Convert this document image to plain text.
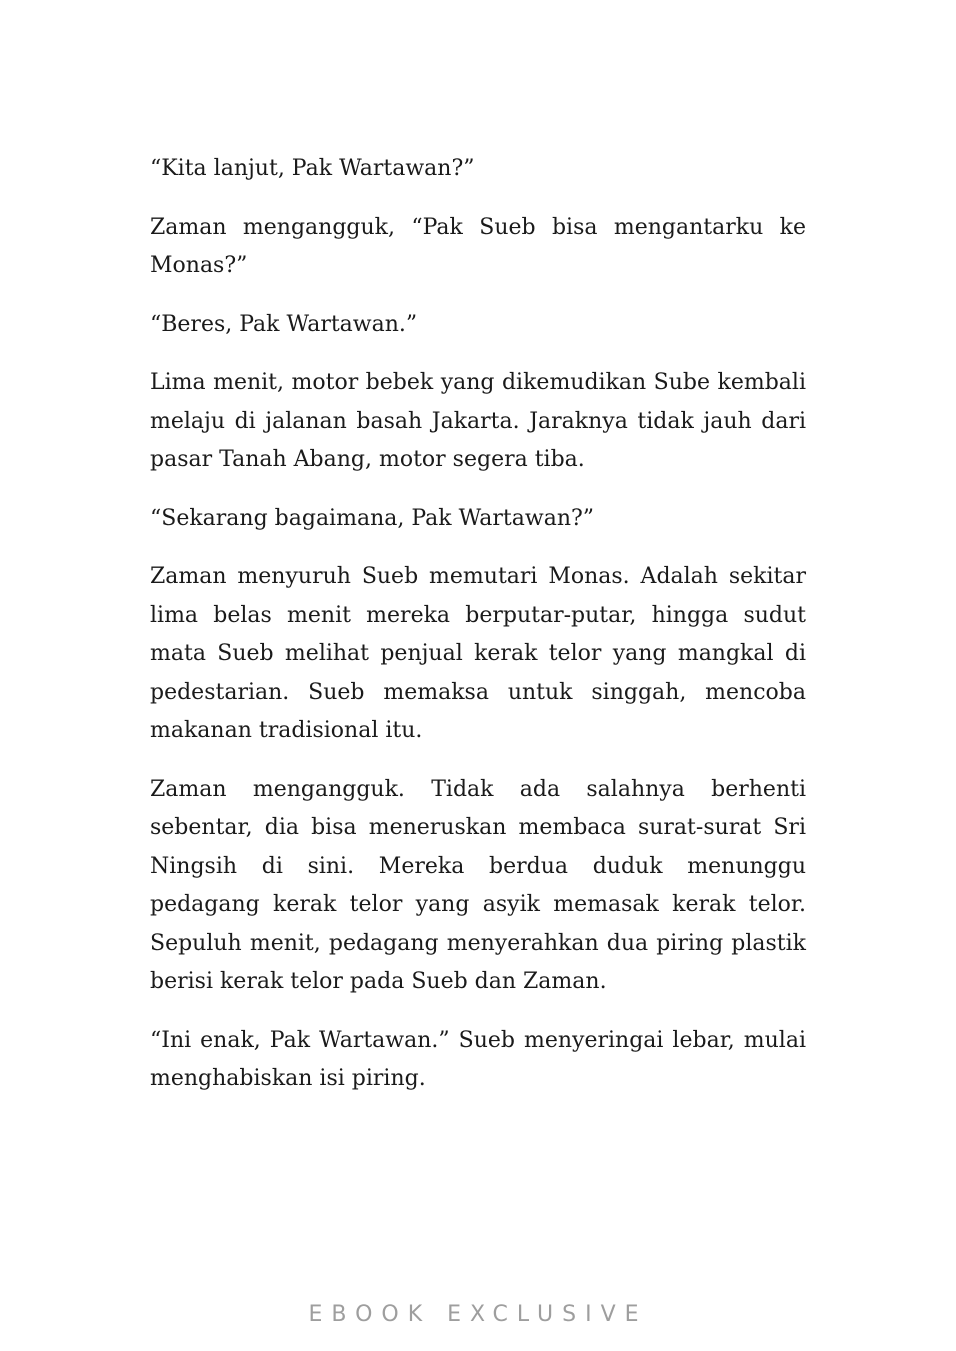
“Kita lanjut, Pak Wartawan?”

Zaman mengangguk, “Pak Sueb bisa mengantarku ke Monas?”

“Beres, Pak Wartawan.”

Lima menit, motor bebek yang dikemudikan Sube kembali melaju di jalanan basah Jakarta. Jaraknya tidak jauh dari pasar Tanah Abang, motor segera tiba.

“Sekarang bagaimana, Pak Wartawan?”

Zaman menyuruh Sueb memutari Monas. Adalah sekitar lima belas menit mereka berputar-putar, hingga sudut mata Sueb melihat penjual kerak telor yang mangkal di pedestarian. Sueb memaksa untuk singgah, mencoba makanan tradisional itu.

Zaman mengangguk. Tidak ada salahnya berhenti sebentar, dia bisa meneruskan membaca surat-surat Sri Ningsih di sini. Mereka berdua duduk menunggu pedagang kerak telor yang asyik memasak kerak telor. Sepuluh menit, pedagang menyerahkan dua piring plastik berisi kerak telor pada Sueb dan Zaman.

“Ini enak, Pak Wartawan.” Sueb menyeringai lebar, mulai menghabiskan isi piring.

EBOOK EXCLUSIVE
